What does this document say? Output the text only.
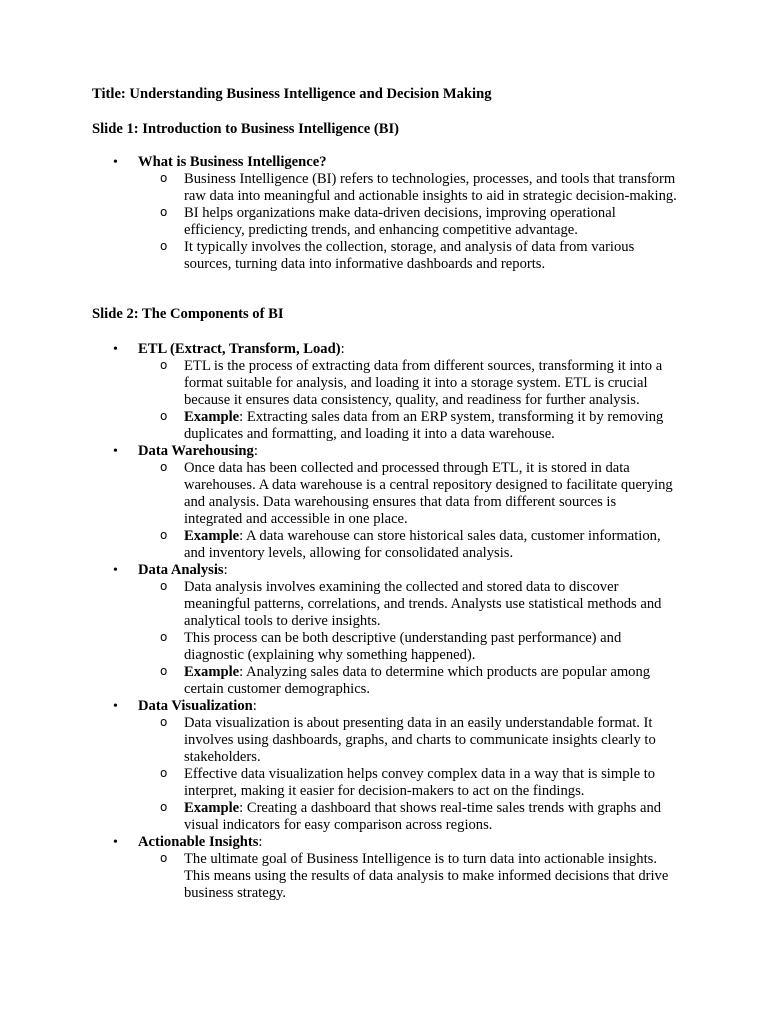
Title: Understanding Business Intelligence and Decision Making

Slide 1: Introduction to Business Intelligence (BI)

• What is Business Intelligence?
o Business Intelligence (BI) refers to technologies, processes, and tools that transform raw data into meaningful and actionable insights to aid in strategic decision-making.
o BI helps organizations make data-driven decisions, improving operational efficiency, predicting trends, and enhancing competitive advantage.
o It typically involves the collection, storage, and analysis of data from various sources, turning data into informative dashboards and reports.

Slide 2: The Components of BI

• ETL (Extract, Transform, Load):
o ETL is the process of extracting data from different sources, transforming it into a format suitable for analysis, and loading it into a storage system. ETL is crucial because it ensures data consistency, quality, and readiness for further analysis.
o Example: Extracting sales data from an ERP system, transforming it by removing duplicates and formatting, and loading it into a data warehouse.
• Data Warehousing:
o Once data has been collected and processed through ETL, it is stored in data warehouses. A data warehouse is a central repository designed to facilitate querying and analysis. Data warehousing ensures that data from different sources is integrated and accessible in one place.
o Example: A data warehouse can store historical sales data, customer information, and inventory levels, allowing for consolidated analysis.
• Data Analysis:
o Data analysis involves examining the collected and stored data to discover meaningful patterns, correlations, and trends. Analysts use statistical methods and analytical tools to derive insights.
o This process can be both descriptive (understanding past performance) and diagnostic (explaining why something happened).
o Example: Analyzing sales data to determine which products are popular among certain customer demographics.
• Data Visualization:
o Data visualization is about presenting data in an easily understandable format. It involves using dashboards, graphs, and charts to communicate insights clearly to stakeholders.
o Effective data visualization helps convey complex data in a way that is simple to interpret, making it easier for decision-makers to act on the findings.
o Example: Creating a dashboard that shows real-time sales trends with graphs and visual indicators for easy comparison across regions.
• Actionable Insights:
o The ultimate goal of Business Intelligence is to turn data into actionable insights. This means using the results of data analysis to make informed decisions that drive business strategy.
